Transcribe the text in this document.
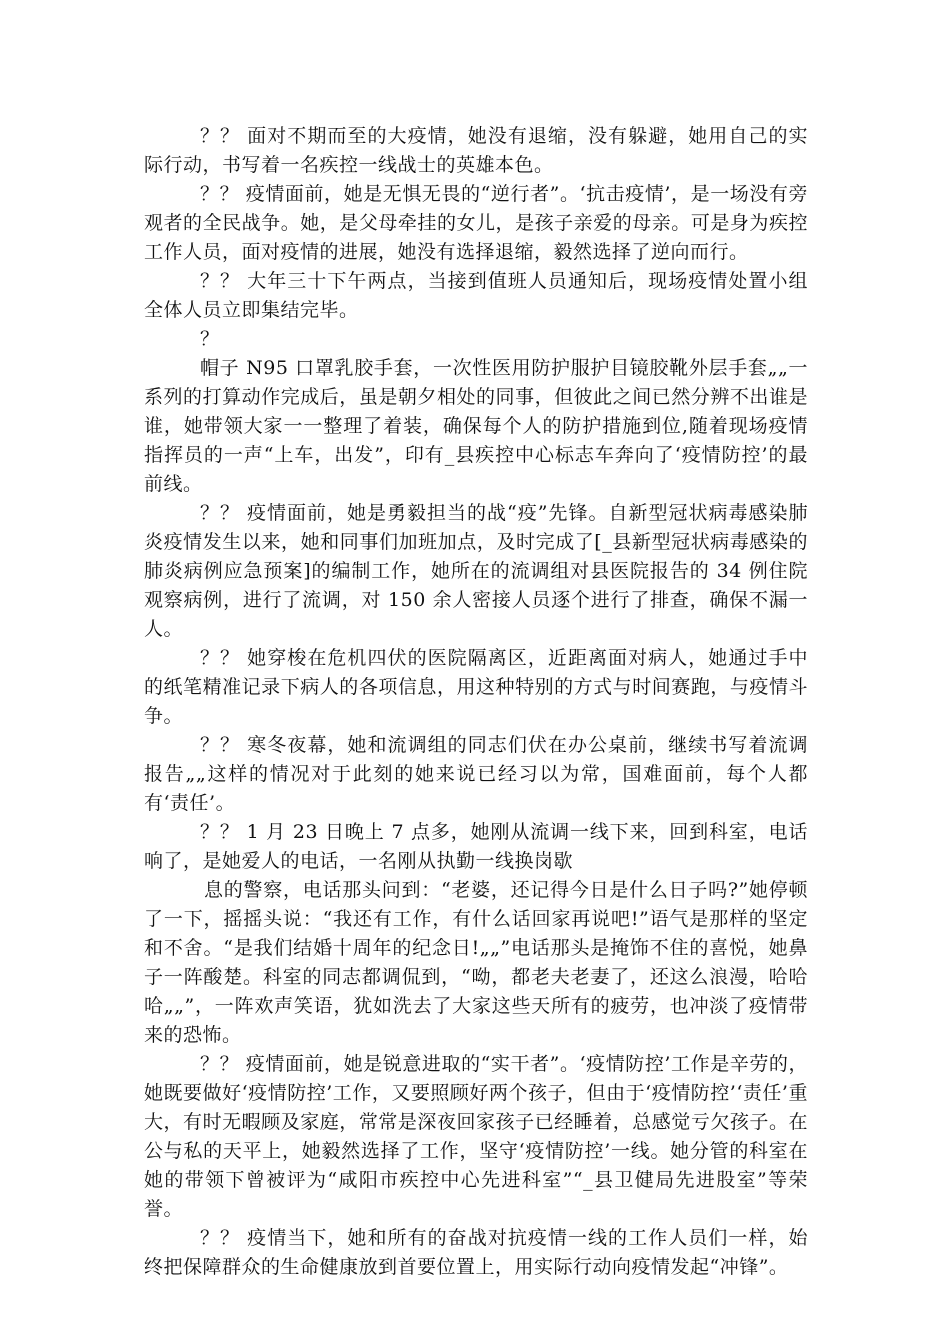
？？ 面对不期而至的大疫情，她没有退缩，没有躲避，她用自己的实际行动，书写着一名疾控一线战士的英雄本色。

？？ 疫情面前，她是无惧无畏的“逆行者”。‘抗击疫情’，是一场没有旁观者的全民战争。她，是父母牵挂的女儿，是孩子亲爱的母亲。可是身为疾控工作人员，面对疫情的进展，她没有选择退缩，毅然选择了逆向而行。

？？ 大年三十下午两点，当接到值班人员通知后，现场疫情处置小组全体人员立即集结完毕。

？

帽子 N95 口罩乳胶手套，一次性医用防护服护目镜胶靴外层手套„„一系列的打算动作完成后，虽是朝夕相处的同事，但彼此之间已然分辨不出谁是谁，她带领大家一一整理了着装，确保每个人的防护措施到位,随着现场疫情指挥员的一声“上车，出发”，印有_县疾控中心标志车奔向了‘疫情防控’的最前线。

？？ 疫情面前，她是勇毅担当的战“疫”先锋。自新型冠状病毒感染肺炎疫情发生以来，她和同事们加班加点，及时完成了[_县新型冠状病毒感染的肺炎病例应急预案]的编制工作，她所在的流调组对县医院报告的 34 例住院观察病例，进行了流调，对 150 余人密接人员逐个进行了排查，确保不漏一人。

？？ 她穿梭在危机四伏的医院隔离区，近距离面对病人，她通过手中的纸笔精准记录下病人的各项信息，用这种特别的方式与时间赛跑，与疫情斗争。

？？ 寒冬夜幕，她和流调组的同志们伏在办公桌前，继续书写着流调报告„„这样的情况对于此刻的她来说已经习以为常，国难面前，每个人都有‘责任’。

？？ 1 月 23 日晚上 7 点多，她刚从流调一线下来，回到科室，电话响了，是她爱人的电话，一名刚从执勤一线换岗歇

息的警察，电话那头问到：“老婆，还记得今日是什么日子吗?”她停顿了一下，摇摇头说：“我还有工作，有什么话回家再说吧!”语气是那样的坚定和不舍。“是我们结婚十周年的纪念日!„„”电话那头是掩饰不住的喜悦，她鼻子一阵酸楚。科室的同志都调侃到，“呦，都老夫老妻了，还这么浪漫，哈哈哈„„”，一阵欢声笑语，犹如洗去了大家这些天所有的疲劳，也冲淡了疫情带来的恐怖。

？？ 疫情面前，她是锐意进取的“实干者”。‘疫情防控’工作是辛劳的，她既要做好‘疫情防控’工作，又要照顾好两个孩子，但由于‘疫情防控’‘责任’重大，有时无暇顾及家庭，常常是深夜回家孩子已经睡着，总感觉亏欠孩子。在公与私的天平上，她毅然选择了工作，坚守‘疫情防控’一线。她分管的科室在她的带领下曾被评为“咸阳市疾控中心先进科室”“_县卫健局先进股室”等荣誉。

？？ 疫情当下，她和所有的奋战对抗疫情一线的工作人员们一样，始终把保障群众的生命健康放到首要位置上，用实际行动向疫情发起“冲锋”。
